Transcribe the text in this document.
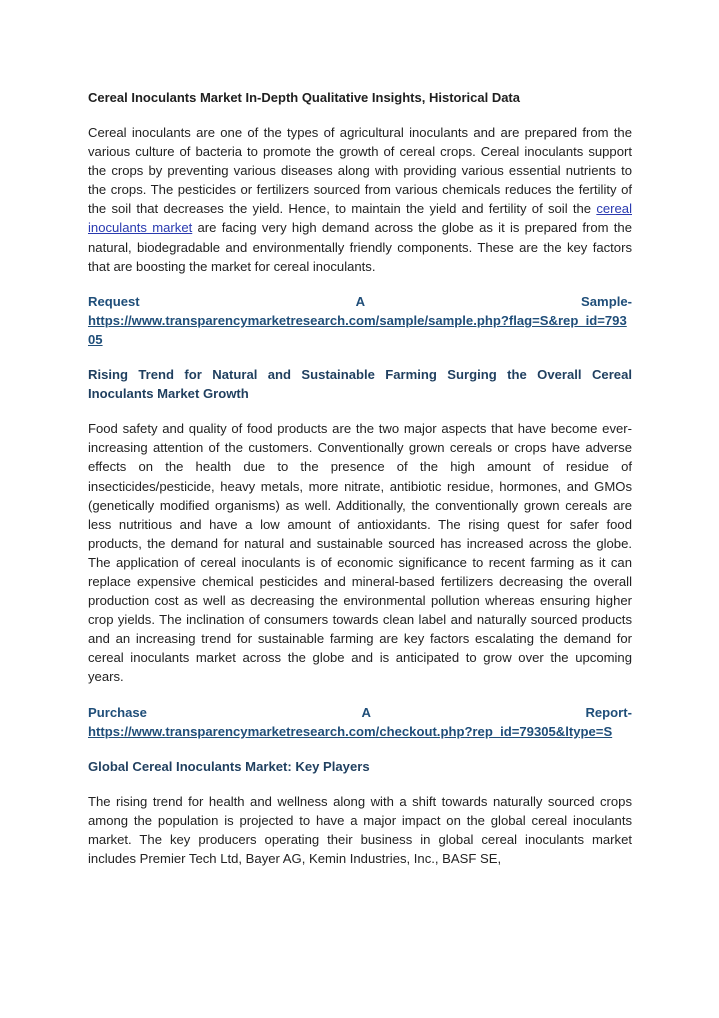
Cereal Inoculants Market In-Depth Qualitative Insights, Historical Data

Cereal inoculants are one of the types of agricultural inoculants and are prepared from the various culture of bacteria to promote the growth of cereal crops. Cereal inoculants support the crops by preventing various diseases along with providing various essential nutrients to the crops. The pesticides or fertilizers sourced from various chemicals reduces the fertility of the soil that decreases the yield. Hence, to maintain the yield and fertility of soil the cereal inoculants market are facing very high demand across the globe as it is prepared from the natural, biodegradable and environmentally friendly components. These are the key factors that are boosting the market for cereal inoculants.

Request	A	Sample-
https://www.transparencymarketresearch.com/sample/sample.php?flag=S&rep_id=79305
Rising Trend for Natural and Sustainable Farming Surging the Overall Cereal Inoculants Market Growth

Food safety and quality of food products are the two major aspects that have become ever-increasing attention of the customers. Conventionally grown cereals or crops have adverse effects on the health due to the presence of the high amount of residue of insecticides/pesticide, heavy metals, more nitrate, antibiotic residue, hormones, and GMOs (genetically modified organisms) as well. Additionally, the conventionally grown cereals are less nutritious and have a low amount of antioxidants. The rising quest for safer food products, the demand for natural and sustainable sourced has increased across the globe. The application of cereal inoculants is of economic significance to recent farming as it can replace expensive chemical pesticides and mineral-based fertilizers decreasing the overall production cost as well as decreasing the environmental pollution whereas ensuring higher crop yields. The inclination of consumers towards clean label and naturally sourced products and an increasing trend for sustainable farming are key factors escalating the demand for cereal inoculants market across the globe and is anticipated to grow over the upcoming years.

Purchase	A	Report-
https://www.transparencymarketresearch.com/checkout.php?rep_id=79305&ltype=S
Global Cereal Inoculants Market: Key Players

The rising trend for health and wellness along with a shift towards naturally sourced crops among the population is projected to have a major impact on the global cereal inoculants market. The key producers operating their business in global cereal inoculants market includes Premier Tech Ltd, Bayer AG, Kemin Industries, Inc., BASF SE,
